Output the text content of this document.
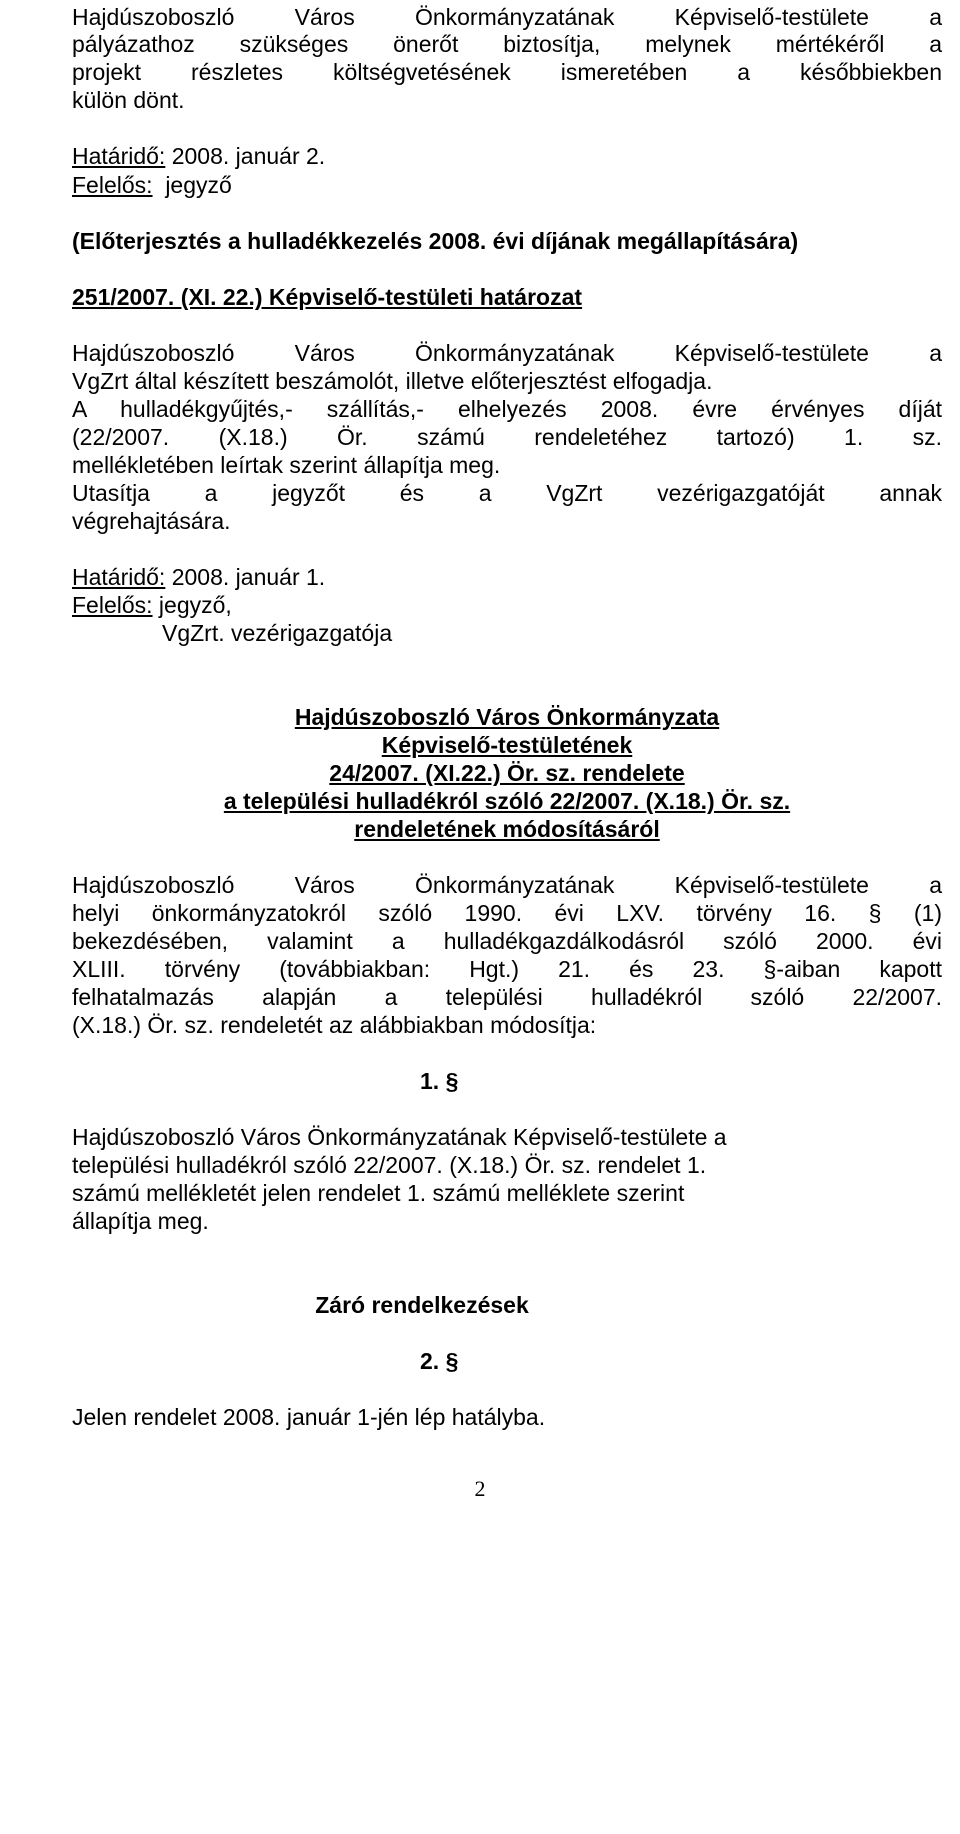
Hajdúszoboszló Város Önkormányzatának Képviselő-testülete a
pályázathoz szükséges önerőt biztosítja, melynek mértékéről a
projekt részletes költségvetésének ismeretében a későbbiekben
külön dönt.
Határidő: 2008. január 2.
Felelős:  jegyző
(Előterjesztés a hulladékkezelés 2008. évi díjának megállapítására)
251/2007. (XI. 22.) Képviselő-testületi határozat
Hajdúszoboszló Város Önkormányzatának Képviselő-testülete a
VgZrt által készített beszámolót, illetve előterjesztést elfogadja.
A hulladékgyűjtés,- szállítás,- elhelyezés 2008. évre érvényes díját
(22/2007. (X.18.) Ör. számú rendeletéhez tartozó) 1. sz.
mellékletében leírtak szerint állapítja meg.
Utasítja a jegyzőt és a VgZrt vezérigazgatóját annak
végrehajtására.
Határidő: 2008. január 1.
Felelős: jegyző,
VgZrt. vezérigazgatója
Hajdúszoboszló Város Önkormányzata
Képviselő-testületének
24/2007. (XI.22.) Ör. sz. rendelete
a települési hulladékról szóló 22/2007. (X.18.) Ör. sz.
rendeletének módosításáról
Hajdúszoboszló Város Önkormányzatának Képviselő-testülete a
helyi önkormányzatokról szóló 1990. évi LXV. törvény 16. § (1)
bekezdésében, valamint a hulladékgazdálkodásról szóló 2000. évi
XLIII. törvény (továbbiakban: Hgt.) 21. és 23. §-aiban kapott
felhatalmazás alapján a települési hulladékról szóló 22/2007.
(X.18.) Ör. sz. rendeletét az alábbiakban módosítja:
1. §
Hajdúszoboszló Város Önkormányzatának Képviselő-testülete a
települési hulladékról szóló 22/2007. (X.18.) Ör. sz. rendelet 1.
számú mellékletét jelen rendelet 1. számú melléklete szerint
állapítja meg.
Záró rendelkezések
2. §
Jelen rendelet 2008. január 1-jén lép hatályba.
2
